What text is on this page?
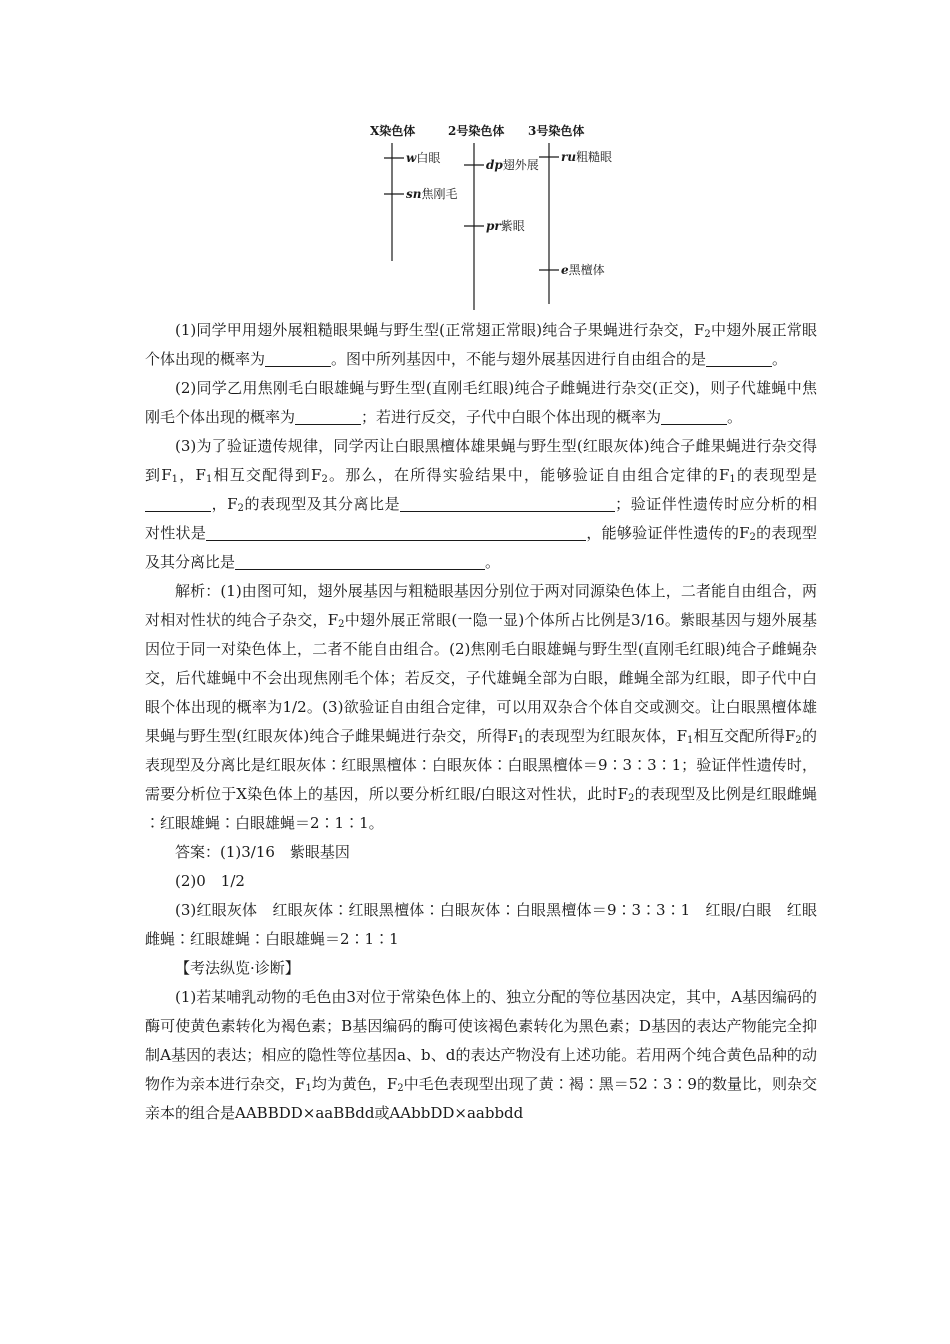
X染色体	2号染色体 3号染色体
w白眼
sn焦刚毛
dp翅外展
pr紫眼
ru粗糙眼
e黑檀体

(1)同学甲用翅外展粗糙眼果蝇与野生型(正常翅正常眼)纯合子果蝇进行杂交，$F_2$中翅外展正常眼个体出现的概率为	。图中所列基因中，不能与翅外展基因进行自由组合的是	。

(2)同学乙用焦刚毛白眼雄蝇与野生型(直刚毛红眼)纯合子雌蝇进行杂交(正交)，则子代雄蝇中焦刚毛个体出现的概率为	；若进行反交，子代中白眼个体出现的概率为	。

(3)为了验证遗传规律，同学丙让白眼黑檀体雄果蝇与野生型(红眼灰体)纯合子雌果蝇进行杂交得到$F_1$，$F_1$相互交配得到$F_2$。那么，在所得实验结果中，能够验证自由组合定律的$F_1$的表现型是，$F_2$的表现型及其分离比是	；验证伴性遗传时应分析的相对性状是	，能够验证伴性遗传的$F_2$的表现型及其分离比是	。

解析：(1)由图可知，翅外展基因与粗糙眼基因分别位于两对同源染色体上，二者能自由组合，两对相对性状的纯合子杂交，$F_2$中翅外展正常眼(一隐一显)个体所占比例是3/16。紫眼基因与翅外展基因位于同一对染色体上，二者不能自由组合。(2)焦刚毛白眼雄蝇与野生型(直刚毛红眼)纯合子雌蝇杂交，后代雄蝇中不会出现焦刚毛个体；若反交，子代雄蝇全部为白眼，雌蝇全部为红眼，即子代中白眼个体出现的概率为1/2。(3)欲验证自由组合定律，可以用双杂合个体自交或测交。让白眼黑檀体雄果蝇与野生型(红眼灰体)纯合子雌果蝇进行杂交，所得$F_1$的表现型为红眼灰体，$F_1$相互交配所得$F_2$的表现型及分离比是红眼灰体∶红眼黑檀体∶白眼灰体∶白眼黑檀体＝9∶3∶3∶1；验证伴性遗传时，需要分析位于X染色体上的基因，所以要分析红眼/白眼这对性状，此时$F_2$的表现型及比例是红眼雌蝇∶红眼雄蝇∶白眼雄蝇＝2∶1∶1。

答案：(1)3/16　紫眼基因

(2)0　1/2

(3)红眼灰体　红眼灰体∶红眼黑檀体∶白眼灰体∶白眼黑檀体＝9∶3∶3∶1　红眼/白眼　红眼雌蝇∶红眼雄蝇∶白眼雄蝇＝2∶1∶1

【考法纵览·诊断】

(1)若某哺乳动物的毛色由3对位于常染色体上的、独立分配的等位基因决定，其中，A基因编码的酶可使黄色素转化为褐色素；B基因编码的酶可使该褐色素转化为黑色素；D基因的表达产物能完全抑制A基因的表达；相应的隐性等位基因a、b、d的表达产物没有上述功能。若用两个纯合黄色品种的动物作为亲本进行杂交，$F_1$均为黄色，$F_2$中毛色表现型出现了黄∶褐∶黑＝52∶3∶9的数量比，则杂交亲本的组合是AABBDD×aaBBdd或AAbbDD×aabbdd
